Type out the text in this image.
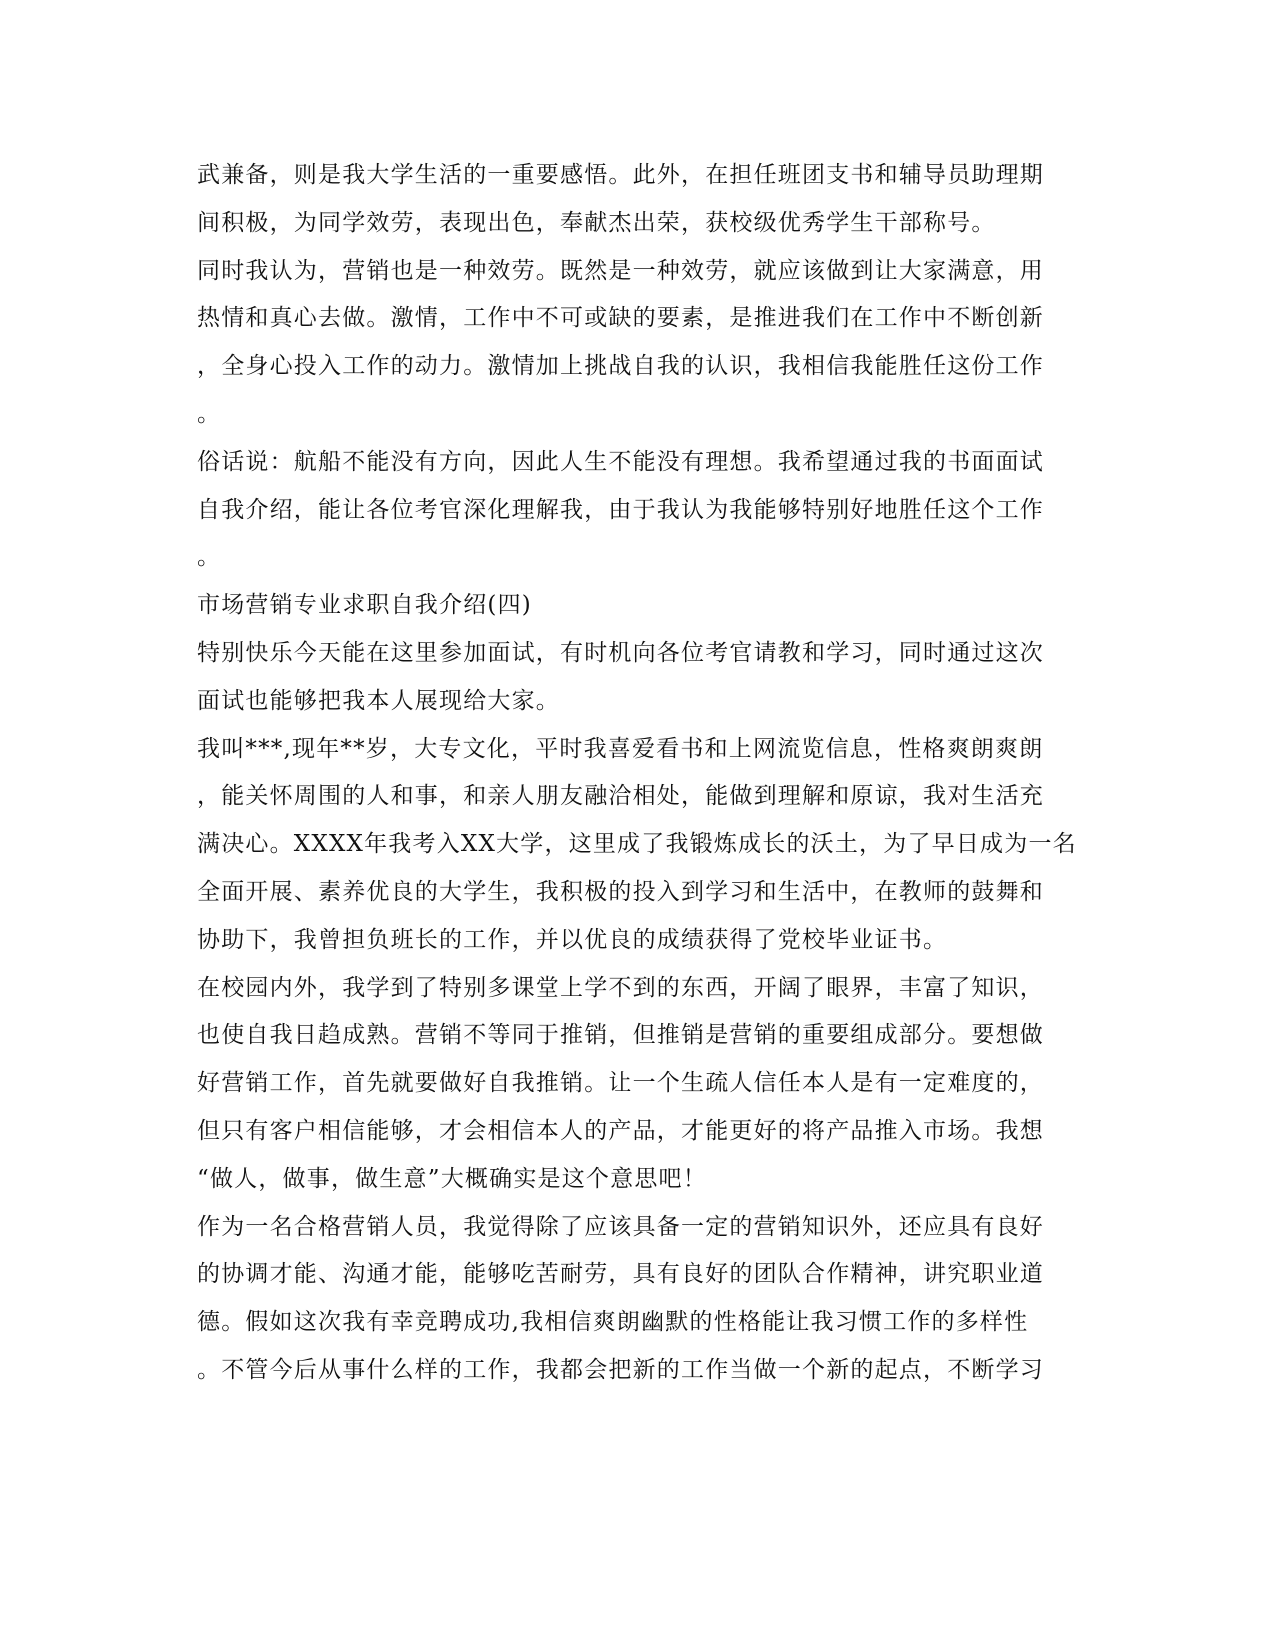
武兼备，则是我大学生活的一重要感悟。此外，在担任班团支书和辅导员助理期
间积极，为同学效劳，表现出色，奉献杰出荣，获校级优秀学生干部称号。
同时我认为，营销也是一种效劳。既然是一种效劳，就应该做到让大家满意，用
热情和真心去做。激情，工作中不可或缺的要素，是推进我们在工作中不断创新
，全身心投入工作的动力。激情加上挑战自我的认识，我相信我能胜任这份工作
。
俗话说：航船不能没有方向，因此人生不能没有理想。我希望通过我的书面面试
自我介绍，能让各位考官深化理解我，由于我认为我能够特别好地胜任这个工作
。
市场营销专业求职自我介绍(四)
特别快乐今天能在这里参加面试，有时机向各位考官请教和学习，同时通过这次
面试也能够把我本人展现给大家。
我叫***,现年**岁，大专文化，平时我喜爱看书和上网流览信息，性格爽朗爽朗
，能关怀周围的人和事，和亲人朋友融洽相处，能做到理解和原谅，我对生活充
满决心。XXXX年我考入XX大学，这里成了我锻炼成长的沃土，为了早日成为一名
全面开展、素养优良的大学生，我积极的投入到学习和生活中，在教师的鼓舞和
协助下，我曾担负班长的工作，并以优良的成绩获得了党校毕业证书。
在校园内外，我学到了特别多课堂上学不到的东西，开阔了眼界，丰富了知识，
也使自我日趋成熟。营销不等同于推销，但推销是营销的重要组成部分。要想做
好营销工作，首先就要做好自我推销。让一个生疏人信任本人是有一定难度的，
但只有客户相信能够，才会相信本人的产品，才能更好的将产品推入市场。我想
“做人，做事，做生意”大概确实是这个意思吧！
作为一名合格营销人员，我觉得除了应该具备一定的营销知识外，还应具有良好
的协调才能、沟通才能，能够吃苦耐劳，具有良好的团队合作精神，讲究职业道
德。假如这次我有幸竞聘成功,我相信爽朗幽默的性格能让我习惯工作的多样性
。不管今后从事什么样的工作，我都会把新的工作当做一个新的起点，不断学习
